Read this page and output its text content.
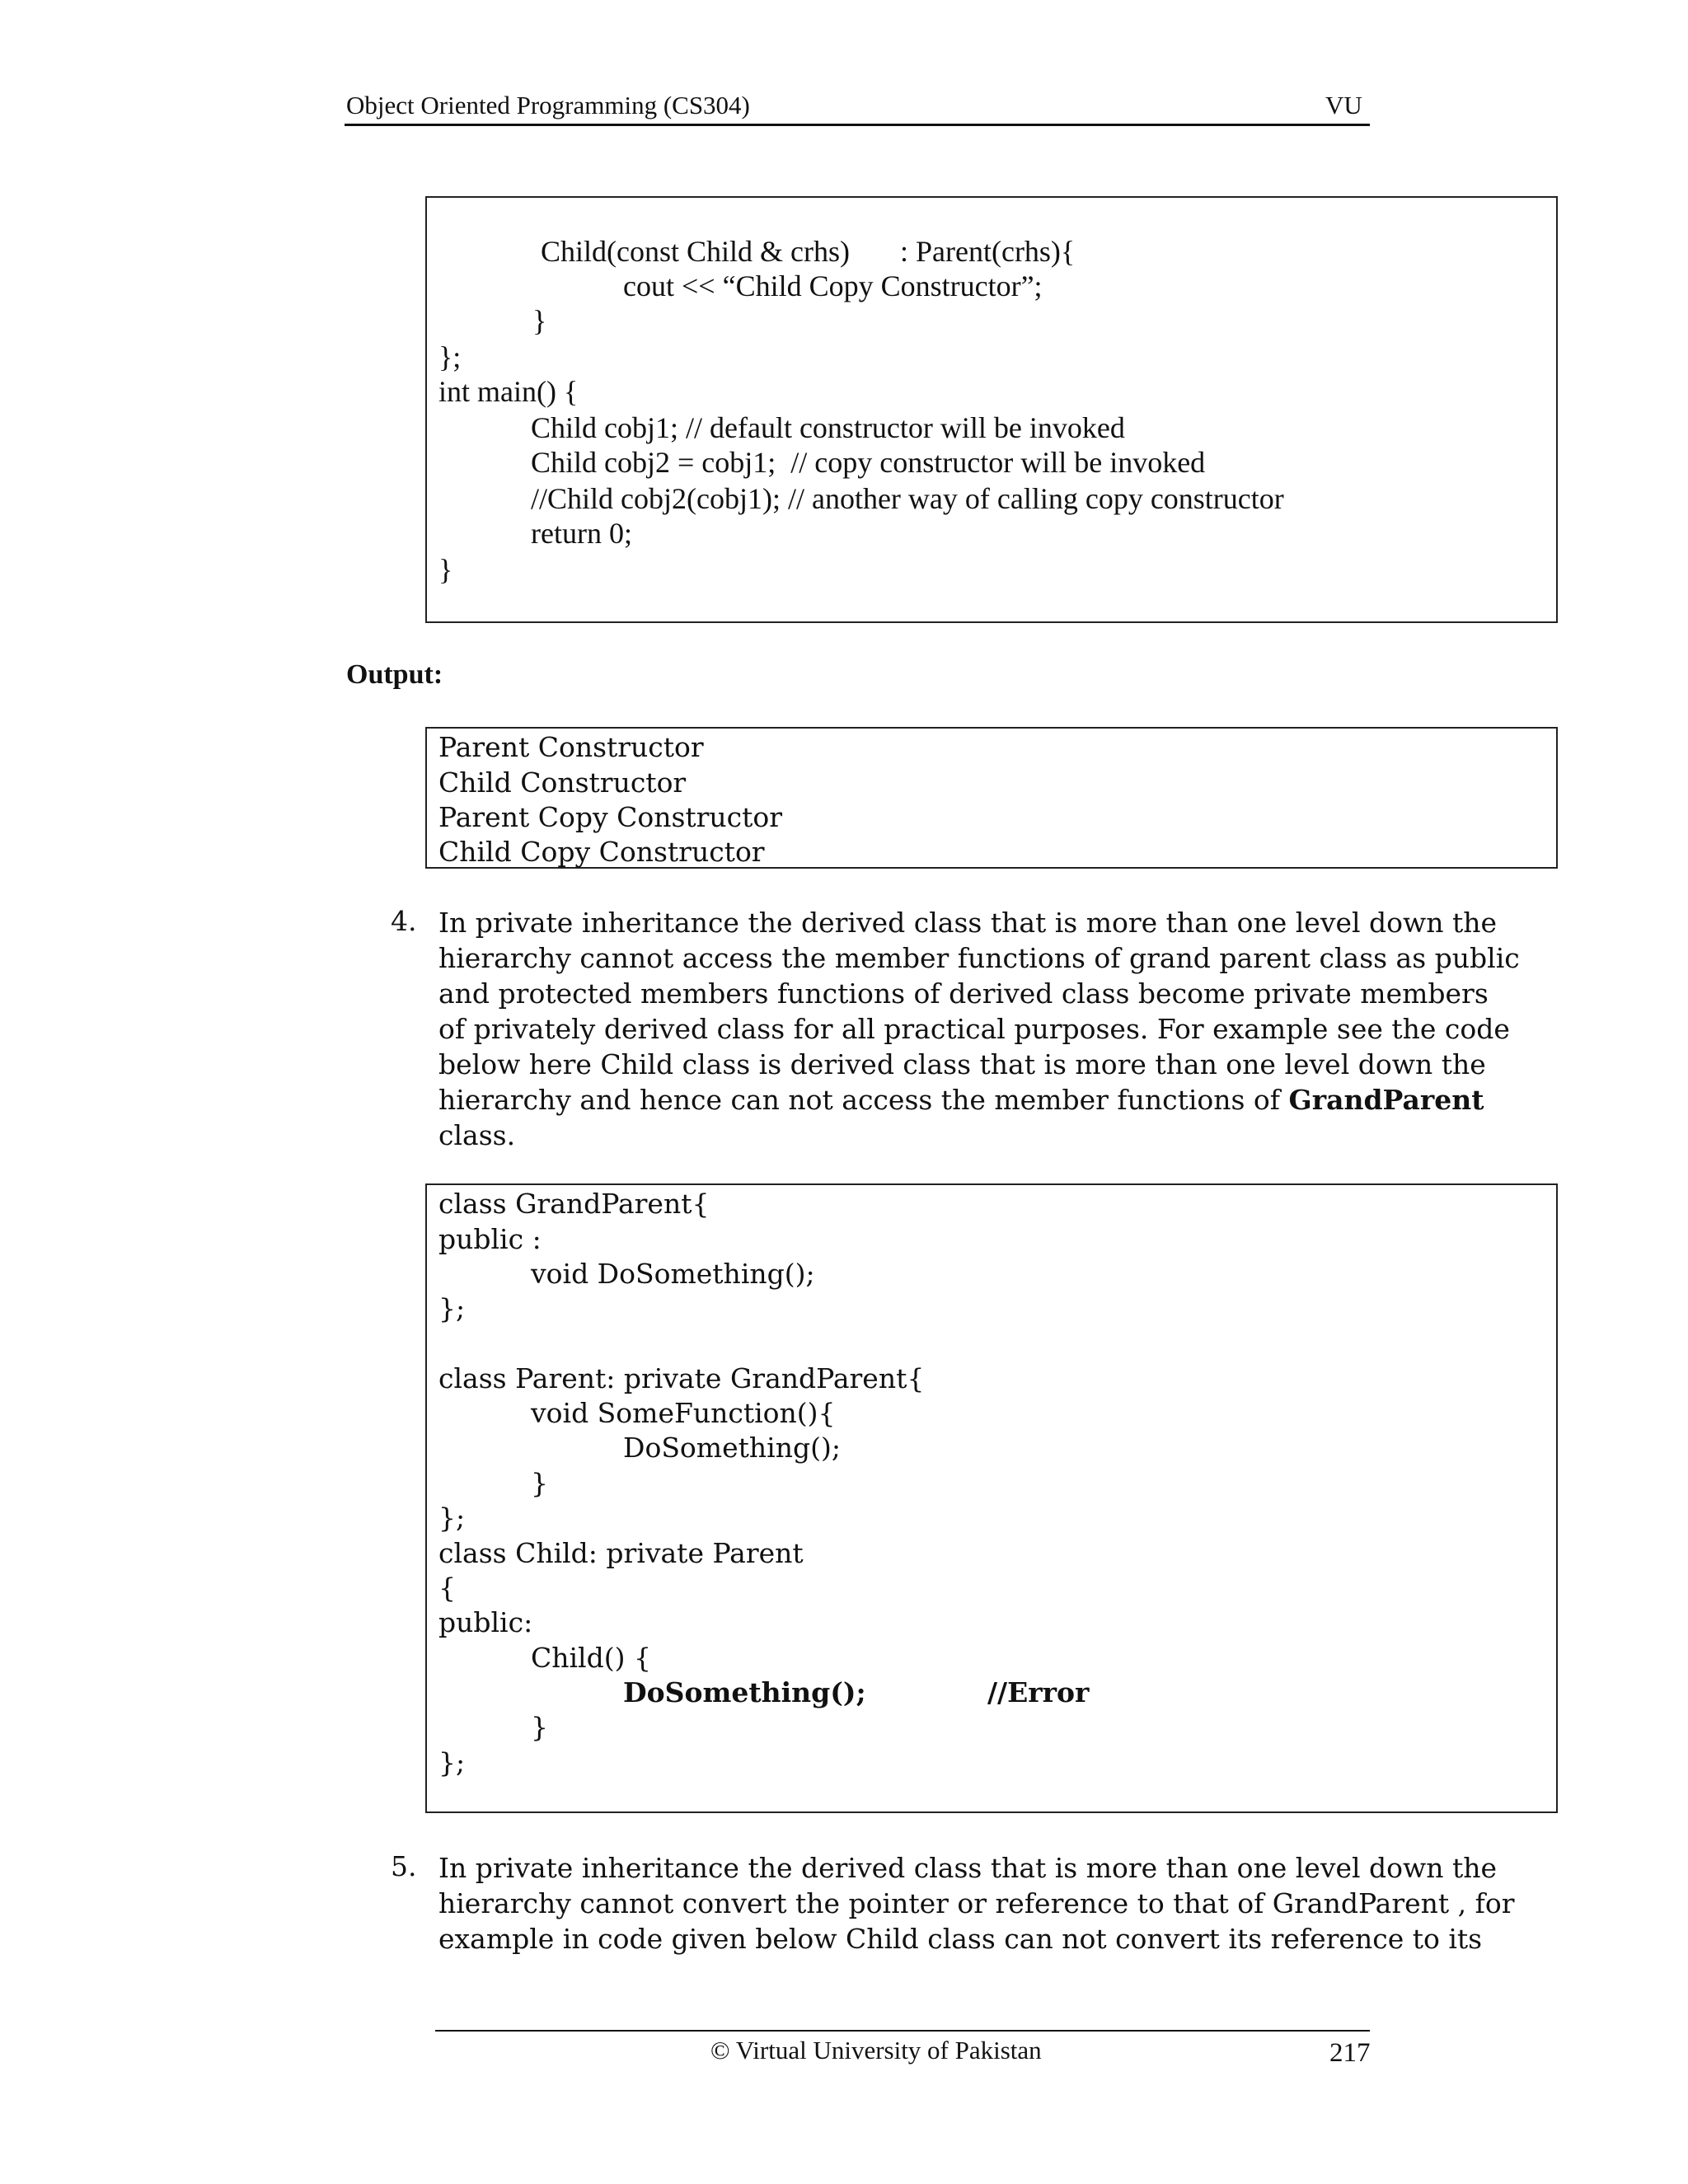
Object Oriented Programming (CS304)	VU
Child(const Child & crhs) : Parent(crhs){
cout << “Child Copy Constructor”;
}
};
int main() {
Child cobj1; // default constructor will be invoked
Child cobj2 = cobj1;  // copy constructor will be invoked
//Child cobj2(cobj1); // another way of calling copy constructor
return 0;
}
Output:
Parent Constructor
Child Constructor
Parent Copy Constructor
Child Copy Constructor
4. In private inheritance the derived class that is more than one level down the
hierarchy cannot access the member functions of grand parent class as public
and protected members functions of derived class become private members
of privately derived class for all practical purposes. For example see the code
below here Child class is derived class that is more than one level down the
hierarchy and hence can not access the member functions of GrandParent
class.
class GrandParent{
public :
void DoSomething();
};
class Parent: private GrandParent{
void SomeFunction(){
DoSomething();
}
};
class Child: private Parent
{
public:
Child() {
DoSomething();	//Error
}
};
5. In private inheritance the derived class that is more than one level down the
hierarchy cannot convert the pointer or reference to that of GrandParent , for
example in code given below Child class can not convert its reference to its
© Virtual University of Pakistan	217
